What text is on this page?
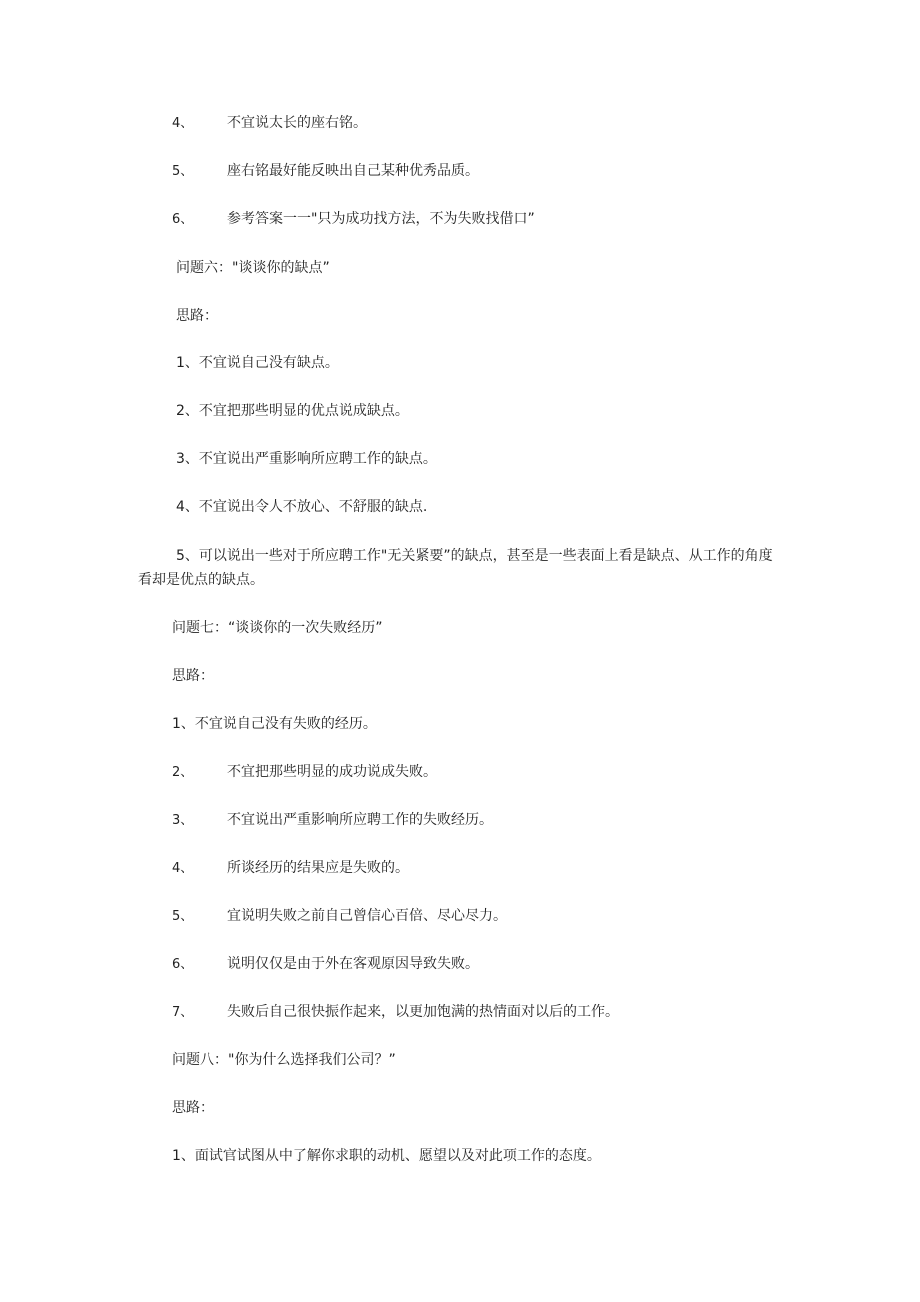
4、 不宜说太长的座右铭。
5、 座右铭最好能反映出自己某种优秀品质。
6、 参考答案一一"只为成功找方法，不为失败找借口”
问题六："谈谈你的缺点”
思路：
1、不宜说自己没有缺点。
2、不宜把那些明显的优点说成缺点。
3、不宜说出严重影响所应聘工作的缺点。
4、不宜说出令人不放心、不舒服的缺点.
5、可以说出一些对于所应聘工作"无关紧要”的缺点，甚至是一些表面上看是缺点、从工作的角度看却是优点的缺点。
问题七：“谈谈你的一次失败经历”
思路：
1、不宜说自己没有失败的经历。
2、 不宜把那些明显的成功说成失败。
3、 不宜说出严重影响所应聘工作的失败经历。
4、 所谈经历的结果应是失败的。
5、 宜说明失败之前自己曾信心百倍、尽心尽力。
6、 说明仅仅是由于外在客观原因导致失败。
7、 失败后自己很快振作起来，以更加饱满的热情面对以后的工作。
问题八："你为什么选择我们公司？”
思路：
1、面试官试图从中了解你求职的动机、愿望以及对此项工作的态度。
